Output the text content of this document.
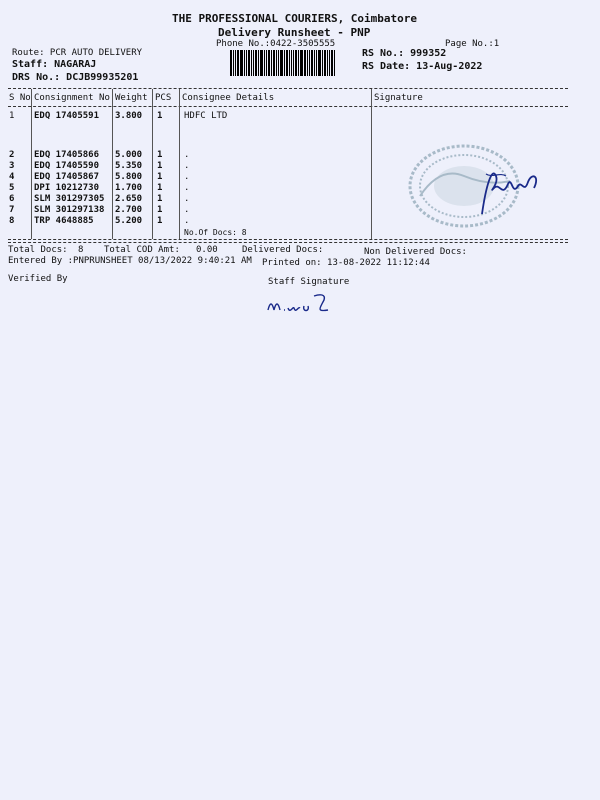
THE PROFESSIONAL COURIERS, Coimbatore
Delivery Runsheet - PNP
Phone No.:0422-3505555	Page No.:1
Route: PCR AUTO DELIVERY
Staff: NAGARAJ
DRS No.: DCJB99935201
RS No.: 999352
RS Date: 13-Aug-2022
S No Consignment No Weight PCS Consignee Details	Signature
1 EDQ 17405591 3.800 1 HDFC LTD
2 EDQ 17405866 5.000 1 .
3 EDQ 17405590 5.350 1 .
4 EDQ 17405867 5.800 1 .
5 DPI 10212730 1.700 1 .
6 SLM 301297305 2.650 1 .
7 SLM 301297138 2.700 1 .
8 TRP 4648885 5.200 1 .
No.Of Docs: 8
Total Docs: 8 Total COD Amt: 0.00	Delivered Docs:	Non Delivered Docs:
Entered By :PNPRUNSHEET 08/13/2022 9:40:21 AM Printed on: 13-08-2022 11:12:44
Verified By	Staff Signature
